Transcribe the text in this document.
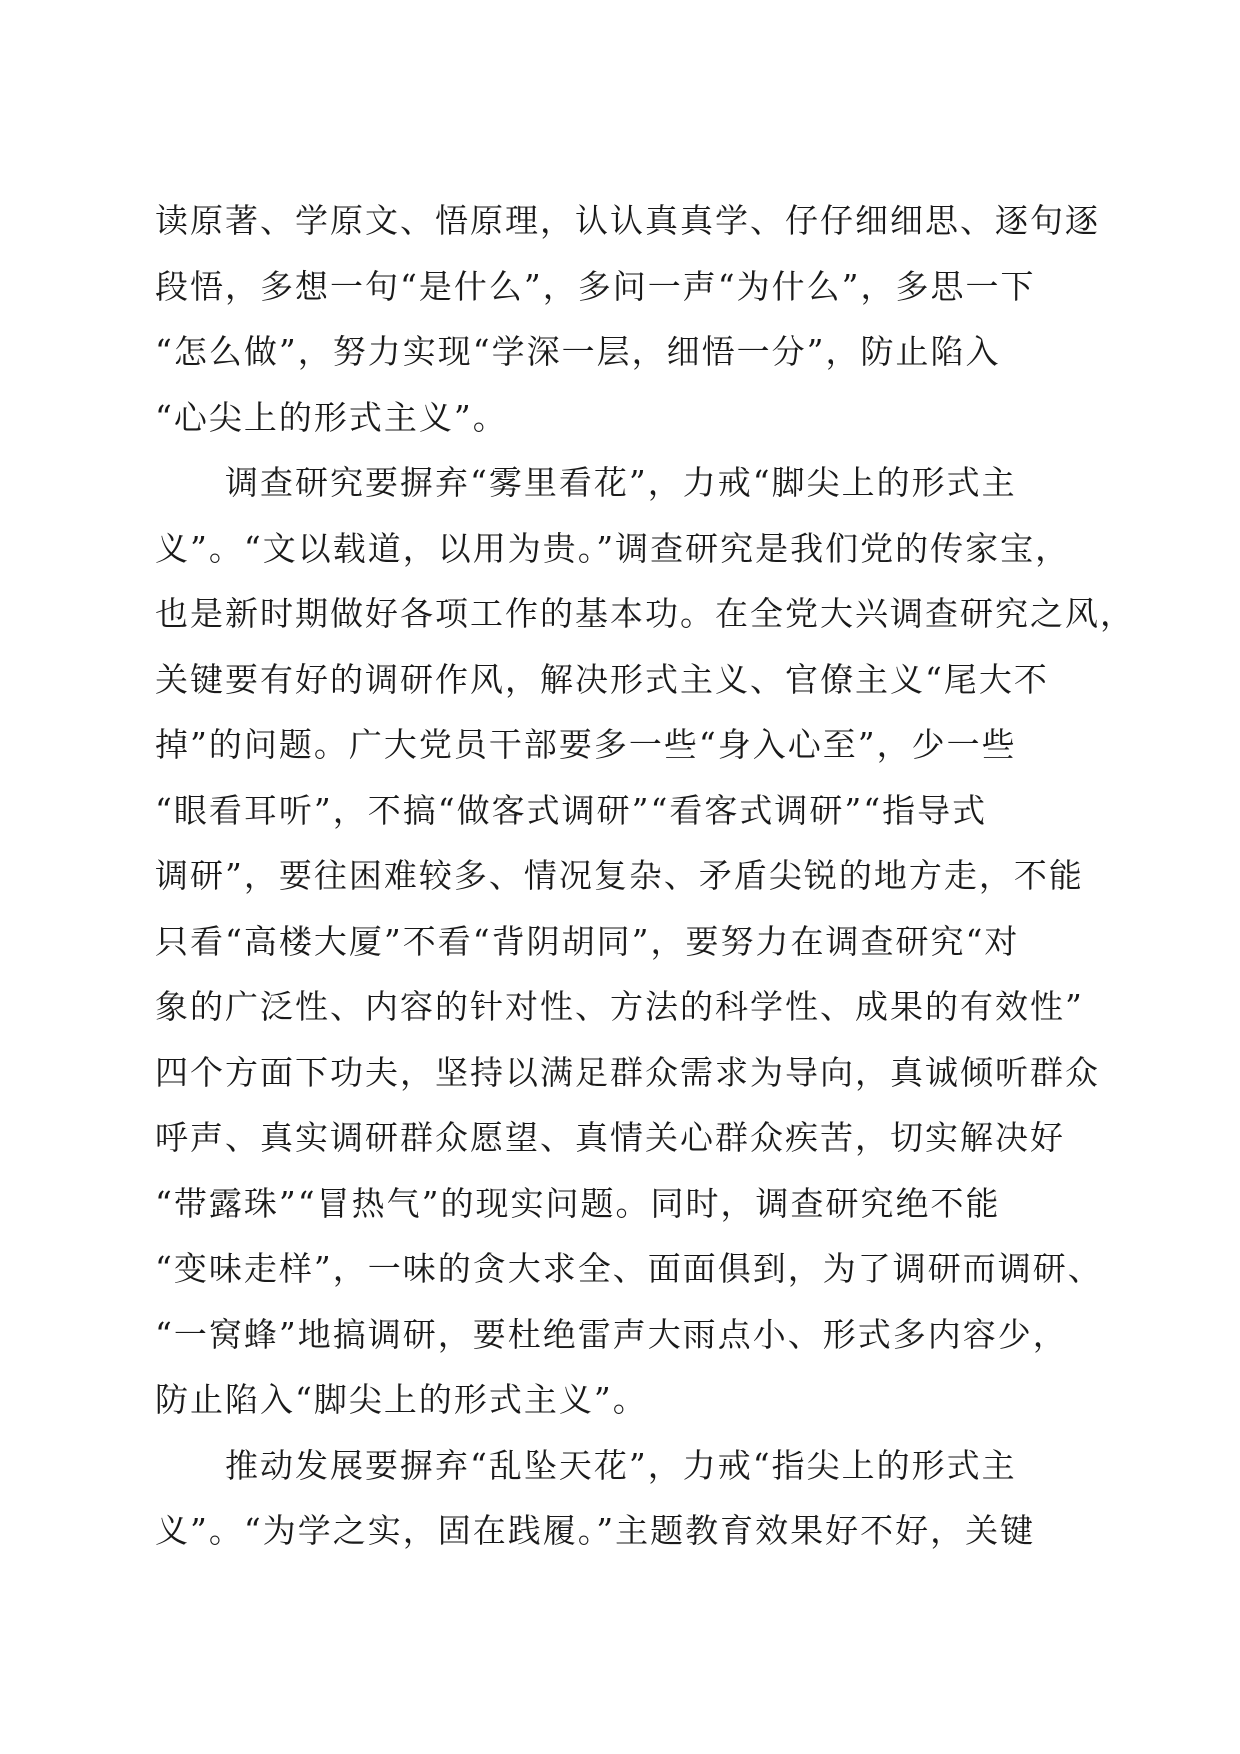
读原著、学原文、悟原理，认认真真学、仔仔细细思、逐句逐
段悟，多想一句“是什么”，多问一声“为什么”，多思一下
“怎么做”，努力实现“学深一层，细悟一分”，防止陷入
“心尖上的形式主义”。
　　调查研究要摒弃“雾里看花”，力戒“脚尖上的形式主
义”。“文以载道，以用为贵。”调查研究是我们党的传家宝，
也是新时期做好各项工作的基本功。在全党大兴调查研究之风，
关键要有好的调研作风，解决形式主义、官僚主义“尾大不
掉”的问题。广大党员干部要多一些“身入心至”，少一些
“眼看耳听”，不搞“做客式调研”“看客式调研”“指导式
调研”，要往困难较多、情况复杂、矛盾尖锐的地方走，不能
只看“高楼大厦”不看“背阴胡同”，要努力在调查研究“对
象的广泛性、内容的针对性、方法的科学性、成果的有效性”
四个方面下功夫，坚持以满足群众需求为导向，真诚倾听群众
呼声、真实调研群众愿望、真情关心群众疾苦，切实解决好
“带露珠”“冒热气”的现实问题。同时，调查研究绝不能
“变味走样”，一味的贪大求全、面面俱到，为了调研而调研、
“一窝蜂”地搞调研，要杜绝雷声大雨点小、形式多内容少，
防止陷入“脚尖上的形式主义”。
　　推动发展要摒弃“乱坠天花”，力戒“指尖上的形式主
义”。“为学之实，固在践履。”主题教育效果好不好，关键
